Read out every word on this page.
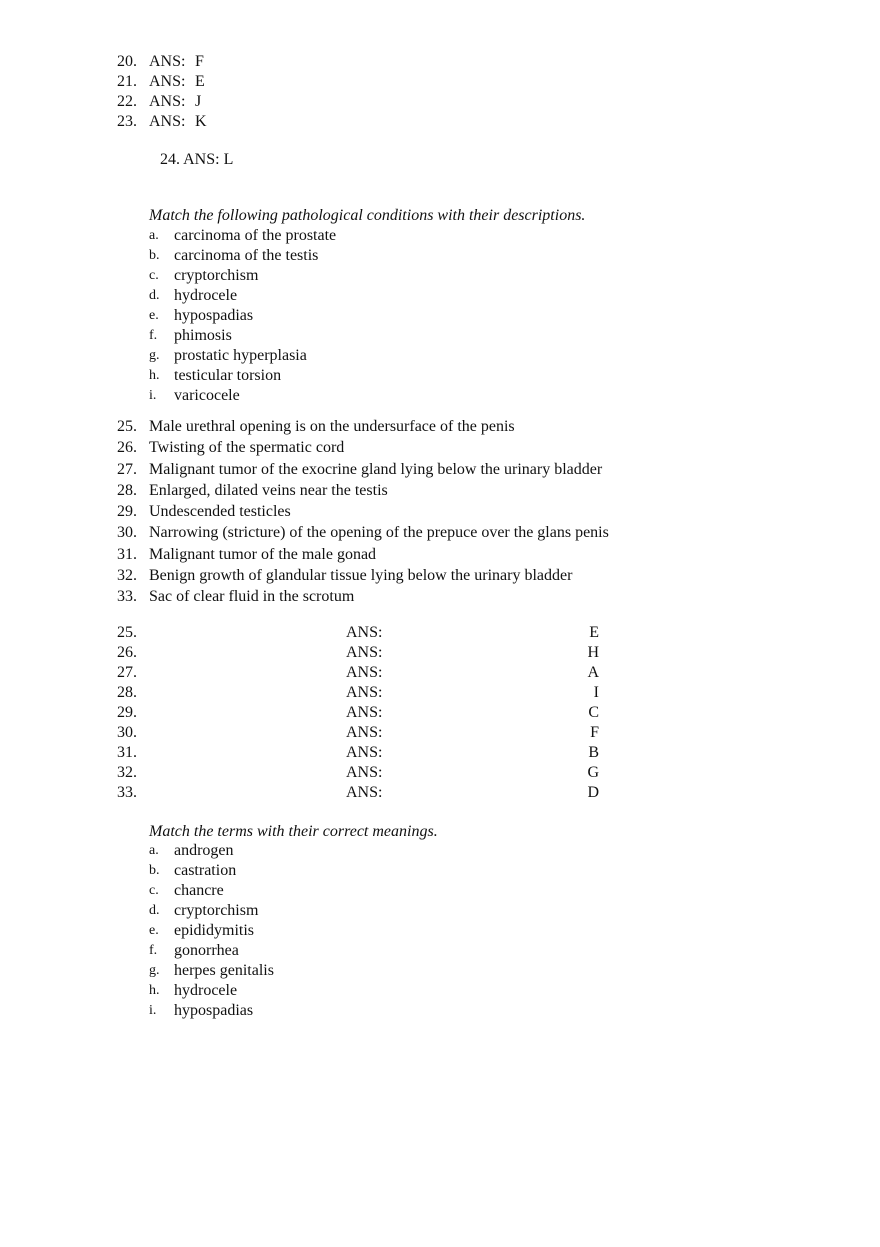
20. ANS: F
21. ANS: E
22. ANS: J
23. ANS: K
24. ANS: L
Match the following pathological conditions with their descriptions.
a. carcinoma of the prostate
b. carcinoma of the testis
c. cryptorchism
d. hydrocele
e. hypospadias
f. phimosis
g. prostatic hyperplasia
h. testicular torsion
i. varicocele
25. Male urethral opening is on the undersurface of the penis
26. Twisting of the spermatic cord
27. Malignant tumor of the exocrine gland lying below the urinary bladder
28. Enlarged, dilated veins near the testis
29. Undescended testicles
30. Narrowing (stricture) of the opening of the prepuce over the glans penis
31. Malignant tumor of the male gonad
32. Benign growth of glandular tissue lying below the urinary bladder
33. Sac of clear fluid in the scrotum
25.	ANS:	E
26.	ANS:	H
27.	ANS:	A
28.	ANS:	I
29.	ANS:	C
30.	ANS:	F
31.	ANS:	B
32.	ANS:	G
33.	ANS:	D
Match the terms with their correct meanings.
a. androgen
b. castration
c. chancre
d. cryptorchism
e. epididymitis
f. gonorrhea
g. herpes genitalis
h. hydrocele
i. hypospadias
